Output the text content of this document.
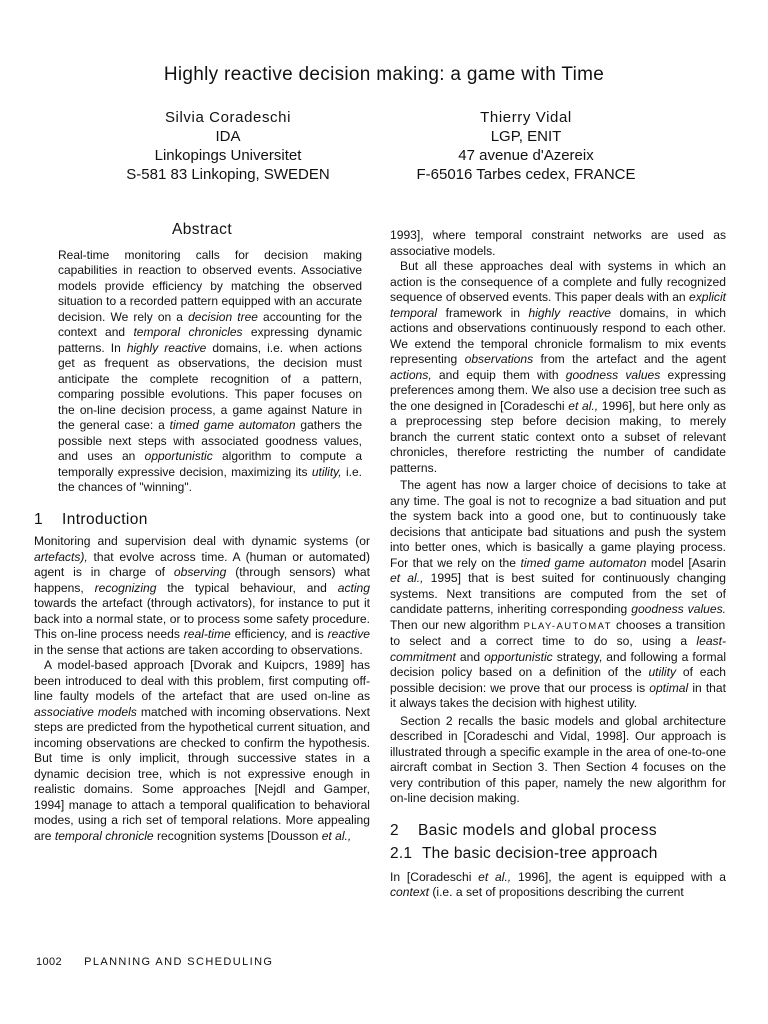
Highly reactive decision making: a game with Time
Silvia Coradeschi
IDA
Linkopings Universitet
S-581 83 Linkoping, SWEDEN
Thierry Vidal
LGP, ENIT
47 avenue d'Azereix
F-65016 Tarbes cedex, FRANCE
Abstract

Real-time monitoring calls for decision making capabilities in reaction to observed events. Associative models provide efficiency by matching the observed situation to a recorded pattern equipped with an accurate decision. We rely on a decision tree accounting for the context and temporal chronicles expressing dynamic patterns. In highly reactive domains, i.e. when actions get as frequent as observations, the decision must anticipate the complete recognition of a pattern, comparing possible evolutions. This paper focuses on the on-line decision process, a game against Nature in the general case: a timed game automaton gathers the possible next steps with associated goodness values, and uses an opportunistic algorithm to compute a temporally expressive decision, maximizing its utility, i.e. the chances of "winning".

1 Introduction

Monitoring and supervision deal with dynamic systems (or artefacts), that evolve across time. A (human or automated) agent is in charge of observing (through sensors) what happens, recognizing the typical behaviour, and acting towards the artefact (through activators), for instance to put it back into a normal state, or to process some safety procedure. This on-line process needs real-time efficiency, and is reactive in the sense that actions are taken according to observations.

A model-based approach [Dvorak and Kuipcrs, 1989] has been introduced to deal with this problem, first computing off-line faulty models of the artefact that are used on-line as associative models matched with incoming observations. Next steps are predicted from the hypothetical current situation, and incoming observations are checked to confirm the hypothesis. But time is only implicit, through successive states in a dynamic decision tree, which is not expressive enough in realistic domains. Some approaches [Nejdl and Gamper, 1994] manage to attach a temporal qualification to behavioral modes, using a rich set of temporal relations. More appealing are temporal chronicle recognition systems [Dousson et al.,

1993], where temporal constraint networks are used as associative models.

But all these approaches deal with systems in which an action is the consequence of a complete and fully recognized sequence of observed events. This paper deals with an explicit temporal framework in highly reactive domains, in which actions and observations continuously respond to each other. We extend the temporal chronicle formalism to mix events representing observations from the artefact and the agent actions, and equip them with goodness values expressing preferences among them. We also use a decision tree such as the one designed in [Coradeschi et al., 1996], but here only as a preprocessing step before decision making, to merely branch the current static context onto a subset of relevant chronicles, therefore restricting the number of candidate patterns.

The agent has now a larger choice of decisions to take at any time. The goal is not to recognize a bad situation and put the system back into a good one, but to continuously take decisions that anticipate bad situations and push the system into better ones, which is basically a game playing process. For that we rely on the timed game automaton model [Asarin et al., 1995] that is best suited for continuously changing systems. Next transitions are computed from the set of candidate patterns, inheriting corresponding goodness values. Then our new algorithm PLAY-AUTOMAT chooses a transition to select and a correct time to do so, using a least-commitment and opportunistic strategy, and following a formal decision policy based on a definition of the utility of each possible decision: we prove that our process is optimal in that it always takes the decision with highest utility.

Section 2 recalls the basic models and global architecture described in [Coradeschi and Vidal, 1998]. Our approach is illustrated through a specific example in the area of one-to-one aircraft combat in Section 3. Then Section 4 focuses on the very contribution of this paper, namely the new algorithm for on-line decision making.

2 Basic models and global process
2.1 The basic decision-tree approach

In [Coradeschi et al., 1996], the agent is equipped with a context (i.e. a set of propositions describing the current

1002 PLANNING AND SCHEDULING
